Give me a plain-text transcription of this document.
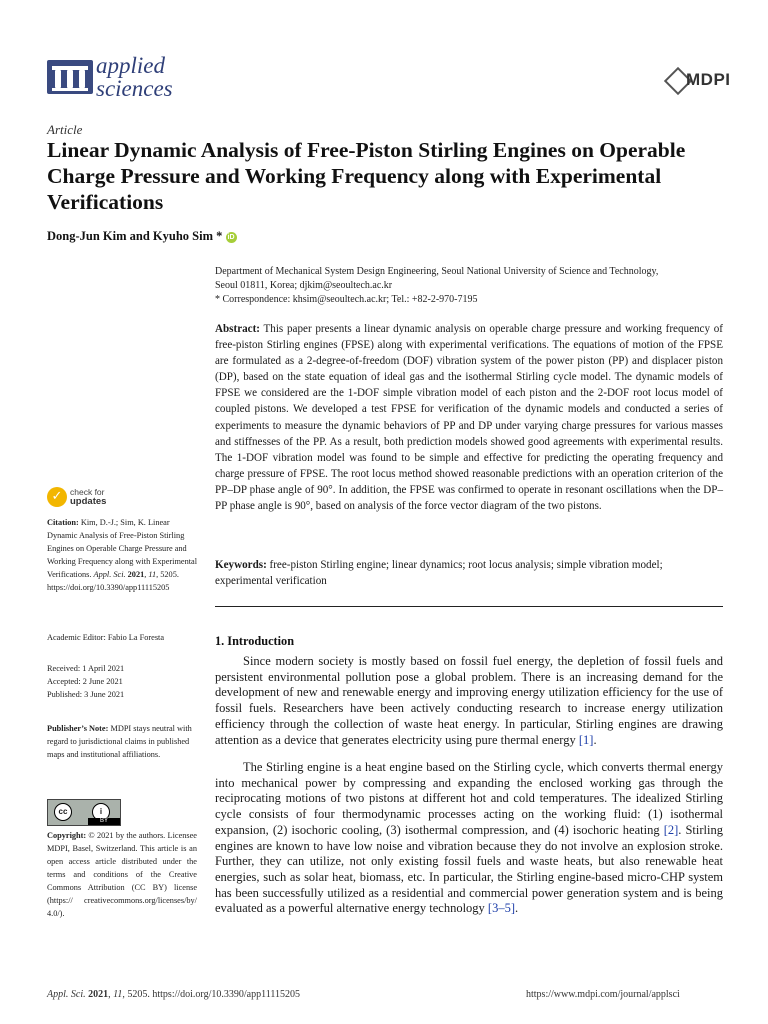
applied
sciences	MDPI
Article
Linear Dynamic Analysis of Free-Piston Stirling Engines on Operable Charge Pressure and Working Frequency along with Experimental Verifications
Dong-Jun Kim and Kyuho Sim * iD
Department of Mechanical System Design Engineering, Seoul National University of Science and Technology,
Seoul 01811, Korea; djkim@seoultech.ac.kr
* Correspondence: khsim@seoultech.ac.kr; Tel.: +82-2-970-7195
Abstract: This paper presents a linear dynamic analysis on operable charge pressure and working frequency of free-piston Stirling engines (FPSE) along with experimental verifications. The equations of motion of the FPSE are formulated as a 2-degree-of-freedom (DOF) vibration system of the power piston (PP) and displacer piston (DP), based on the state equation of ideal gas and the isothermal Stirling cycle model. The dynamic models of FPSE we considered are the 1-DOF simple vibration model of each piston and the 2-DOF root locus model of coupled pistons. We developed a test FPSE for verification of the dynamic models and conducted a series of experiments to measure the dynamic behaviors of PP and DP under varying charge pressures for various masses and stiffnesses of the PP. As a result, both prediction models showed good agreements with experimental results. The 1-DOF vibration model was found to be simple and effective for predicting the operating frequency and charge pressure of FPSE. The root locus method showed reasonable predictions with an operation criterion of the PP–DP phase angle of 90°. In addition, the FPSE was confirmed to operate in resonant oscillations when the DP–PP phase angle is 90°, based on analysis of the force vector diagram of the two pistons.
Keywords: free-piston Stirling engine; linear dynamics; root locus analysis; simple vibration model; experimental verification
✓ check for
updates
Citation: Kim, D.-J.; Sim, K. Linear Dynamic Analysis of Free-Piston Stirling Engines on Operable Charge Pressure and Working Frequency along with Experimental Verifications. Appl. Sci. 2021, 11, 5205. https://doi.org/10.3390/app11115205
Academic Editor: Fabio La Foresta
Received: 1 April 2021
Accepted: 2 June 2021
Published: 3 June 2021
Publisher’s Note: MDPI stays neutral with regard to jurisdictional claims in published maps and institutional affiliations.
cc	i
BY
Copyright: © 2021 by the authors. Licensee MDPI, Basel, Switzerland. This article is an open access article distributed under the terms and conditions of the Creative Commons Attribution (CC BY) license (https:// creativecommons.org/licenses/by/ 4.0/).
1. Introduction
Since modern society is mostly based on fossil fuel energy, the depletion of fossil fuels and persistent environmental pollution pose a global problem. There is an increasing demand for the development of new and renewable energy and improving energy utilization efficiency for the use of fossil fuels. Researchers have been actively conducting research to increase energy utilization efficiency through the collection of waste heat energy. In particular, Stirling engines are drawing attention as a device that generates electricity using pure thermal energy [1].
The Stirling engine is a heat engine based on the Stirling cycle, which converts thermal energy into mechanical power by compressing and expanding the enclosed working gas through the reciprocating motions of two pistons at different hot and cold temperatures. The idealized Stirling cycle consists of four thermodynamic processes acting on the working fluid: (1) isothermal expansion, (2) isochoric cooling, (3) isothermal compression, and (4) isochoric heating [2]. Stirling engines are known to have low noise and vibration because they do not involve an explosion stroke. Further, they can utilize, not only existing fossil fuels and waste heats, but also renewable heat energies, such as solar heat, biomass, etc. In particular, the Stirling engine-based micro-CHP system has been successfully utilized as a residential and commercial power generation system and is being evaluated as a powerful alternative energy technology [3–5].
Appl. Sci. 2021, 11, 5205. https://doi.org/10.3390/app11115205	https://www.mdpi.com/journal/applsci
